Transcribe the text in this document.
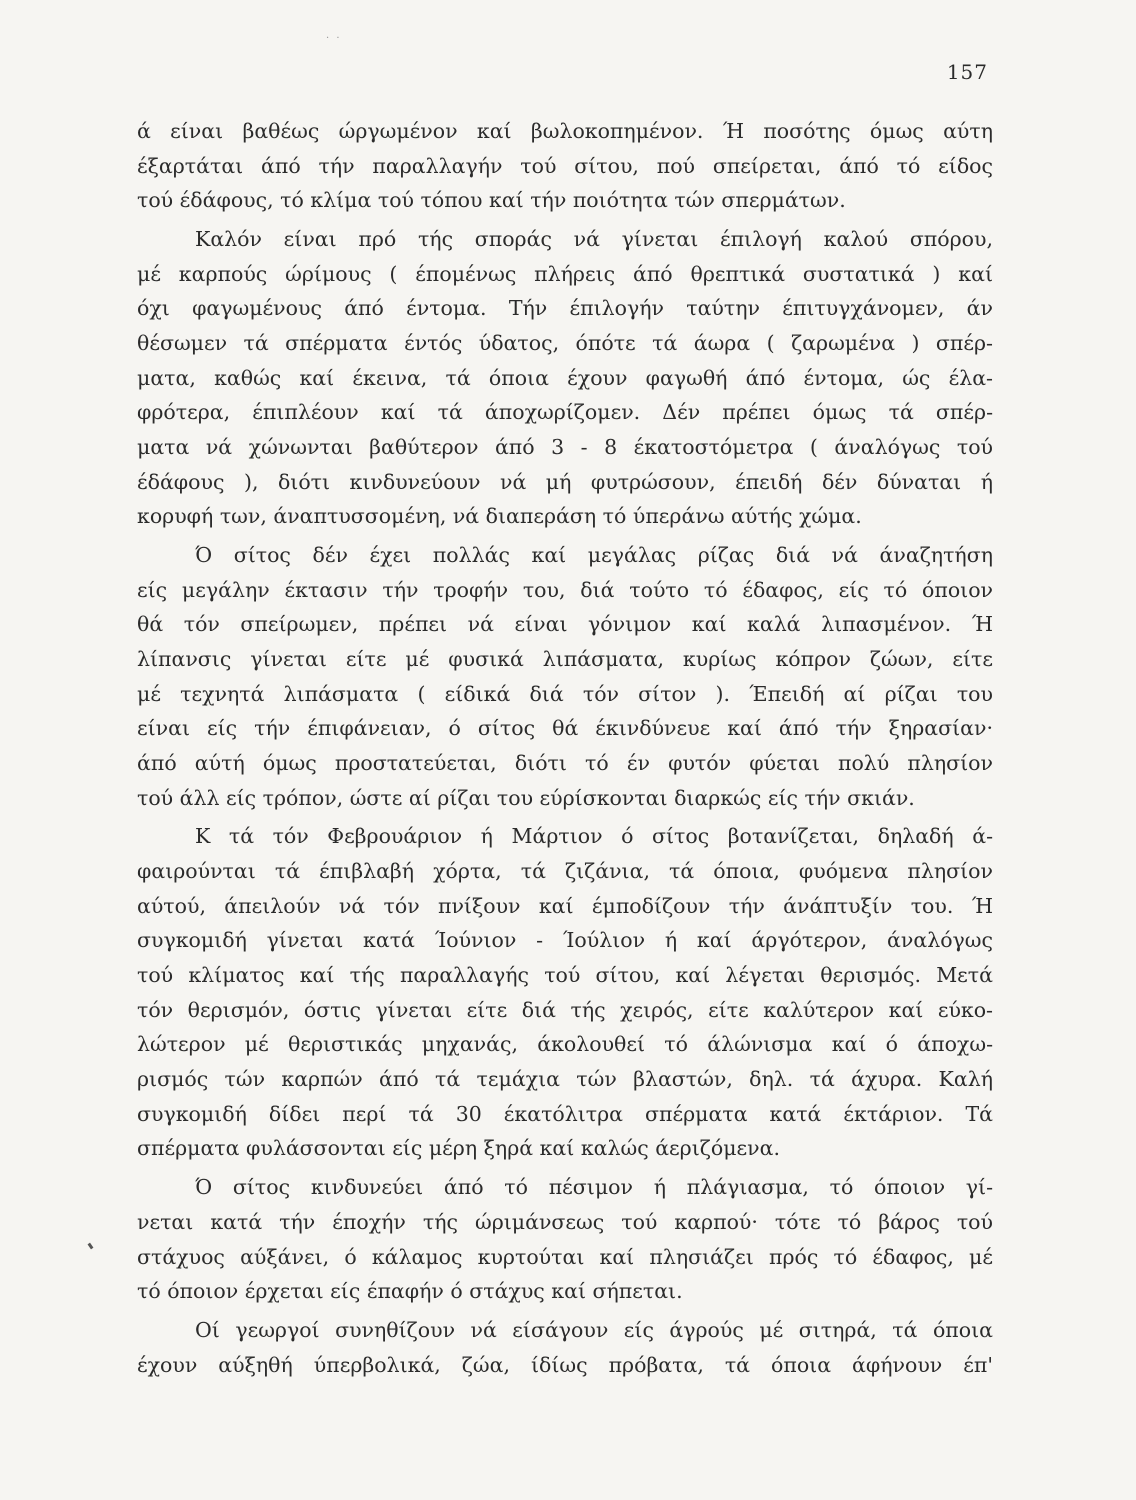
· ·
157
ά είναι βαθέως ώργωμένον καί βωλοκοπημένον. Ή ποσότης όμως αύτη
έξαρτάται άπό τήν παραλλαγήν τού σίτου, πού σπείρεται, άπό τό είδος
τού έδάφους, τό κλίμα τού τόπου καί τήν ποιότητα τών σπερμάτων.
Καλόν είναι πρό τής σποράς νά γίνεται έπιλογή καλού σπόρου,
μέ καρπούς ώρίμους ( έπομένως πλήρεις άπό θρεπτικά συστατικά ) καί
όχι φαγωμένους άπό έντομα. Τήν έπιλογήν ταύτην έπιτυγχάνομεν, άν
θέσωμεν τά σπέρματα έντός ύδατος, όπότε τά άωρα ( ζαρωμένα ) σπέρ-
ματα, καθώς καί έκεινα, τά όποια έχουν φαγωθή άπό έντομα, ώς έλα-
φρότερα, έπιπλέουν καί τά άποχωρίζομεν. Δέν πρέπει όμως τά σπέρ-
ματα νά χώνωνται βαθύτερον άπό 3 - 8 έκατοστόμετρα ( άναλόγως τού
έδάφους ), διότι κινδυνεύουν νά μή φυτρώσουν, έπειδή δέν δύναται ή
κορυφή των, άναπτυσσομένη, νά διαπεράση τό ύπεράνω αύτής χώμα.
Ό σίτος δέν έχει πολλάς καί μεγάλας ρίζας διά νά άναζητήση
είς μεγάλην έκτασιν τήν τροφήν του, διά τούτο τό έδαφος, είς τό όποιον
θά τόν σπείρωμεν, πρέπει νά είναι γόνιμον καί καλά λιπασμένον. Ή
λίπανσις γίνεται είτε μέ φυσικά λιπάσματα, κυρίως κόπρον ζώων, είτε
μέ τεχνητά λιπάσματα ( είδικά διά τόν σίτον ). Έπειδή αί ρίζαι του
είναι είς τήν έπιφάνειαν, ό σίτος θά έκινδύνευε καί άπό τήν ξηρασίαν·
άπό αύτή όμως προστατεύεται, διότι τό έν φυτόν φύεται πολύ πλησίον
τού άλλ είς τρόπον, ώστε αί ρίζαι του εύρίσκονται διαρκώς είς τήν σκιάν.
Κ τά τόν Φεβρουάριον ή Μάρτιον ό σίτος βοτανίζεται, δηλαδή ά-
φαιρούνται τά έπιβλαβή χόρτα, τά ζιζάνια, τά όποια, φυόμενα πλησίον
αύτού, άπειλούν νά τόν πνίξουν καί έμποδίζουν τήν άνάπτυξίν του. Ή
συγκομιδή γίνεται κατά Ίούνιον - Ίούλιον ή καί άργότερον, άναλόγως
τού κλίματος καί τής παραλλαγής τού σίτου, καί λέγεται θερισμός. Μετά
τόν θερισμόν, όστις γίνεται είτε διά τής χειρός, είτε καλύτερον καί εύκο-
λώτερον μέ θεριστικάς μηχανάς, άκολουθεί τό άλώνισμα καί ό άποχω-
ρισμός τών καρπών άπό τά τεμάχια τών βλαστών, δηλ. τά άχυρα. Καλή
συγκομιδή δίδει περί τά 30 έκατόλιτρα σπέρματα κατά έκτάριον. Τά
σπέρματα φυλάσσονται είς μέρη ξηρά καί καλώς άεριζόμενα.
Ό σίτος κινδυνεύει άπό τό πέσιμον ή πλάγιασμα, τό όποιον γί-
νεται κατά τήν έποχήν τής ώριμάνσεως τού καρπού· τότε τό βάρος τού
στάχυος αύξάνει, ό κάλαμος κυρτούται καί πλησιάζει πρός τό έδαφος, μέ
τό όποιον έρχεται είς έπαφήν ό στάχυς καί σήπεται.
Οί γεωργοί συνηθίζουν νά είσάγουν είς άγρούς μέ σιτηρά, τά όποια
έχουν αύξηθή ύπερβολικά, ζώα, ίδίως πρόβατα, τά όποια άφήνουν έπ'
